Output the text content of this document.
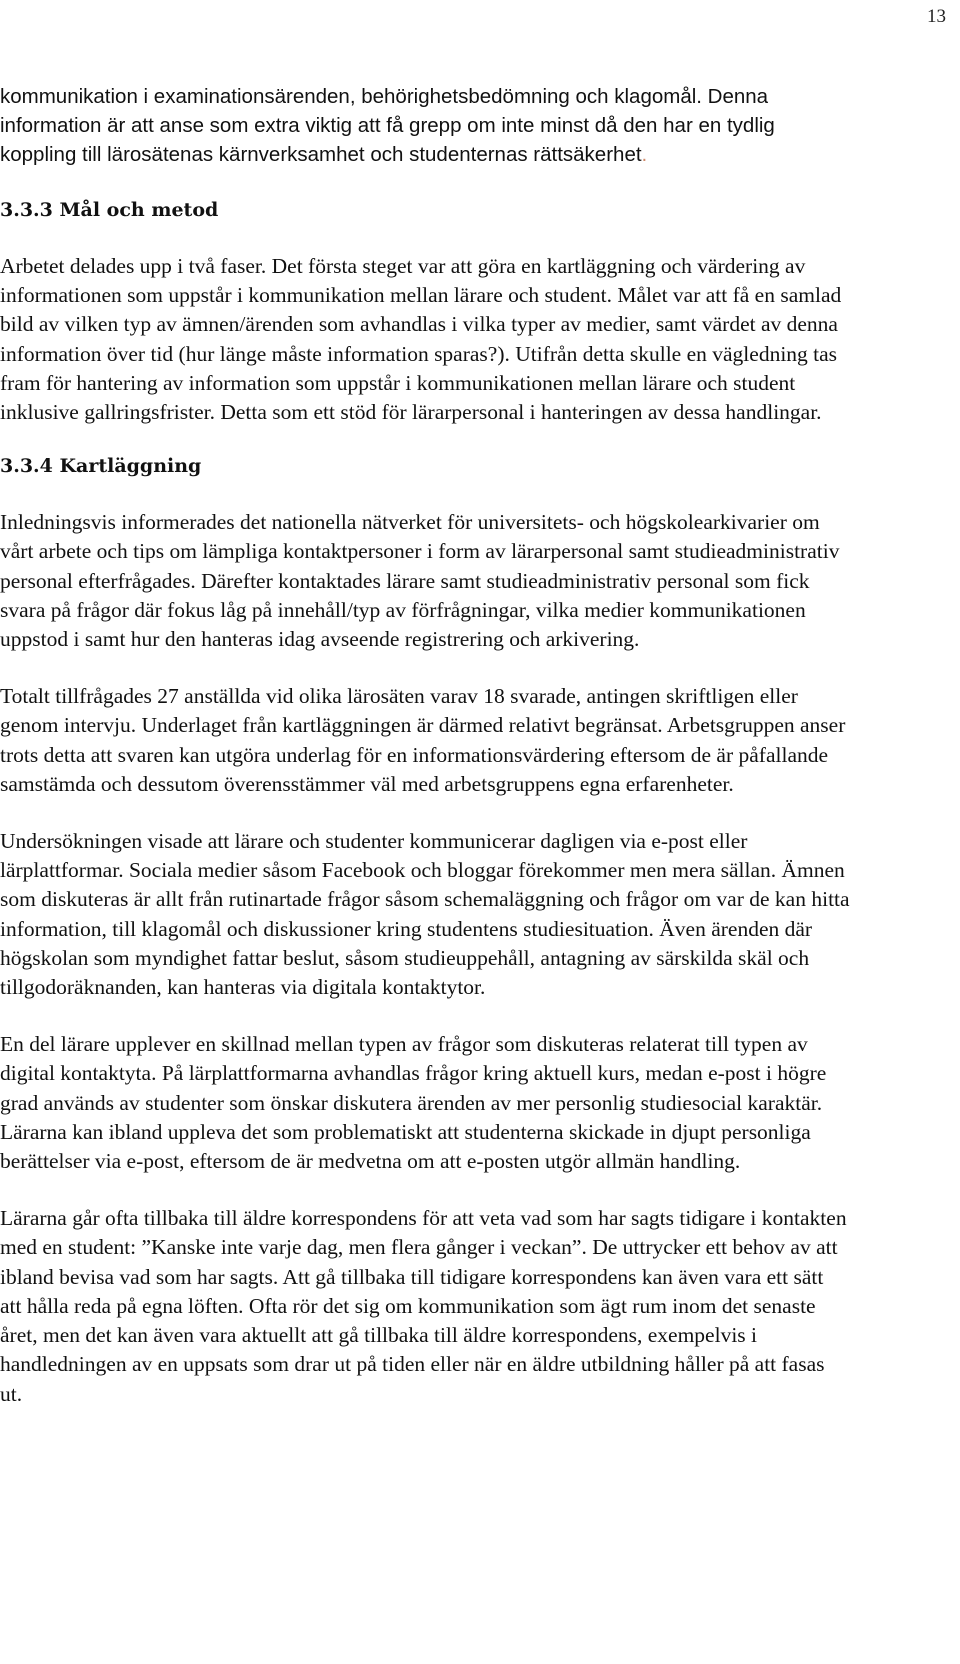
13

kommunikation i examinationsärenden, behörighetsbedömning och klagomål. Denna information är att anse som extra viktig att få grepp om inte minst då den har en tydlig koppling till lärosätenas kärnverksamhet och studenternas rättsäkerhet.

3.3.3 Mål och metod

Arbetet delades upp i två faser. Det första steget var att göra en kartläggning och värdering av informationen som uppstår i kommunikation mellan lärare och student. Målet var att få en samlad bild av vilken typ av ämnen/ärenden som avhandlas i vilka typer av medier, samt värdet av denna information över tid (hur länge måste information sparas?). Utifrån detta skulle en vägledning tas fram för hantering av information som uppstår i kommunikationen mellan lärare och student inklusive gallringsfrister. Detta som ett stöd för lärarpersonal i hanteringen av dessa handlingar.

3.3.4 Kartläggning

Inledningsvis informerades det nationella nätverket för universitets- och högskolearkivarier om vårt arbete och tips om lämpliga kontaktpersoner i form av lärarpersonal samt studieadministrativ personal efterfrågades. Därefter kontaktades lärare samt studieadministrativ personal som fick svara på frågor där fokus låg på innehåll/typ av förfrågningar, vilka medier kommunikationen uppstod i samt hur den hanteras idag avseende registrering och arkivering.

Totalt tillfrågades 27 anställda vid olika lärosäten varav 18 svarade, antingen skriftligen eller genom intervju. Underlaget från kartläggningen är därmed relativt begränsat. Arbetsgruppen anser trots detta att svaren kan utgöra underlag för en informationsvärdering eftersom de är påfallande samstämda och dessutom överensstämmer väl med arbetsgruppens egna erfarenheter.

Undersökningen visade att lärare och studenter kommunicerar dagligen via e-post eller lärplattformar. Sociala medier såsom Facebook och bloggar förekommer men mera sällan. Ämnen som diskuteras är allt från rutinartade frågor såsom schemaläggning och frågor om var de kan hitta information, till klagomål och diskussioner kring studentens studiesituation. Även ärenden där högskolan som myndighet fattar beslut, såsom studieuppehåll, antagning av särskilda skäl och tillgodoräknanden, kan hanteras via digitala kontaktytor.

En del lärare upplever en skillnad mellan typen av frågor som diskuteras relaterat till typen av digital kontaktyta. På lärplattformarna avhandlas frågor kring aktuell kurs, medan e-post i högre grad används av studenter som önskar diskutera ärenden av mer personlig studiesocial karaktär. Lärarna kan ibland uppleva det som problematiskt att studenterna skickade in djupt personliga berättelser via e-post, eftersom de är medvetna om att e-posten utgör allmän handling.

Lärarna går ofta tillbaka till äldre korrespondens för att veta vad som har sagts tidigare i kontakten med en student: ”Kanske inte varje dag, men flera gånger i veckan”. De uttrycker ett behov av att ibland bevisa vad som har sagts. Att gå tillbaka till tidigare korrespondens kan även vara ett sätt att hålla reda på egna löften. Ofta rör det sig om kommunikation som ägt rum inom det senaste året, men det kan även vara aktuellt att gå tillbaka till äldre korrespondens, exempelvis i handledningen av en uppsats som drar ut på tiden eller när en äldre utbildning håller på att fasas ut.
